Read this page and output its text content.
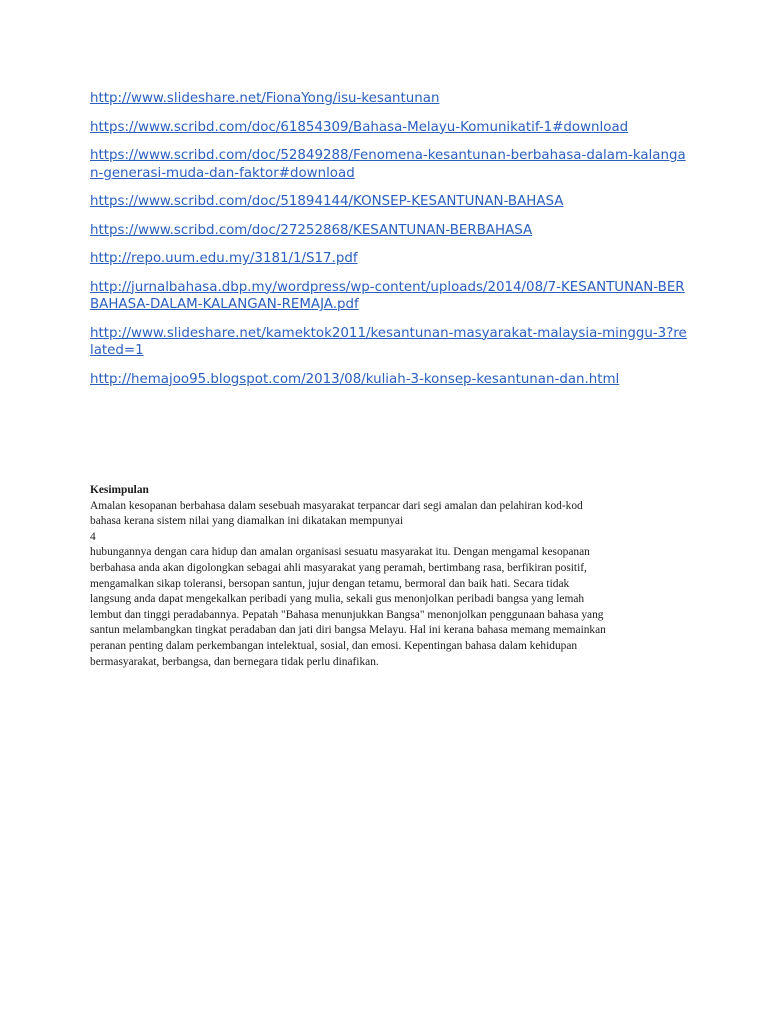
http://www.slideshare.net/FionaYong/isu-kesantunan
https://www.scribd.com/doc/61854309/Bahasa-Melayu-Komunikatif-1#download
https://www.scribd.com/doc/52849288/Fenomena-kesantunan-berbahasa-dalam-kalangan-generasi-muda-dan-faktor#download
https://www.scribd.com/doc/51894144/KONSEP-KESANTUNAN-BAHASA
https://www.scribd.com/doc/27252868/KESANTUNAN-BERBAHASA
http://repo.uum.edu.my/3181/1/S17.pdf
http://jurnalbahasa.dbp.my/wordpress/wp-content/uploads/2014/08/7-KESANTUNAN-BERBAHASA-DALAM-KALANGAN-REMAJA.pdf
http://www.slideshare.net/kamektok2011/kesantunan-masyarakat-malaysia-minggu-3?related=1
http://hemajoo95.blogspot.com/2013/08/kuliah-3-konsep-kesantunan-dan.html
Kesimpulan
Amalan kesopanan berbahasa dalam sesebuah masyarakat terpancar dari segi amalan dan pelahiran kod-kod bahasa kerana sistem nilai yang diamalkan ini dikatakan mempunyai
4
hubungannya dengan cara hidup dan amalan organisasi sesuatu masyarakat itu. Dengan mengamal kesopanan berbahasa anda akan digolongkan sebagai ahli masyarakat yang peramah, bertimbang rasa, berfikiran positif, mengamalkan sikap toleransi, bersopan santun, jujur dengan tetamu, bermoral dan baik hati. Secara tidak langsung anda dapat mengekalkan peribadi yang mulia, sekali gus menonjolkan peribadi bangsa yang lemah lembut dan tinggi peradabannya. Pepatah "Bahasa menunjukkan Bangsa" menonjolkan penggunaan bahasa yang santun melambangkan tingkat peradaban dan jati diri bangsa Melayu. Hal ini kerana bahasa memang memainkan peranan penting dalam perkembangan intelektual, sosial, dan emosi. Kepentingan bahasa dalam kehidupan bermasyarakat, berbangsa, dan bernegara tidak perlu dinafikan.
